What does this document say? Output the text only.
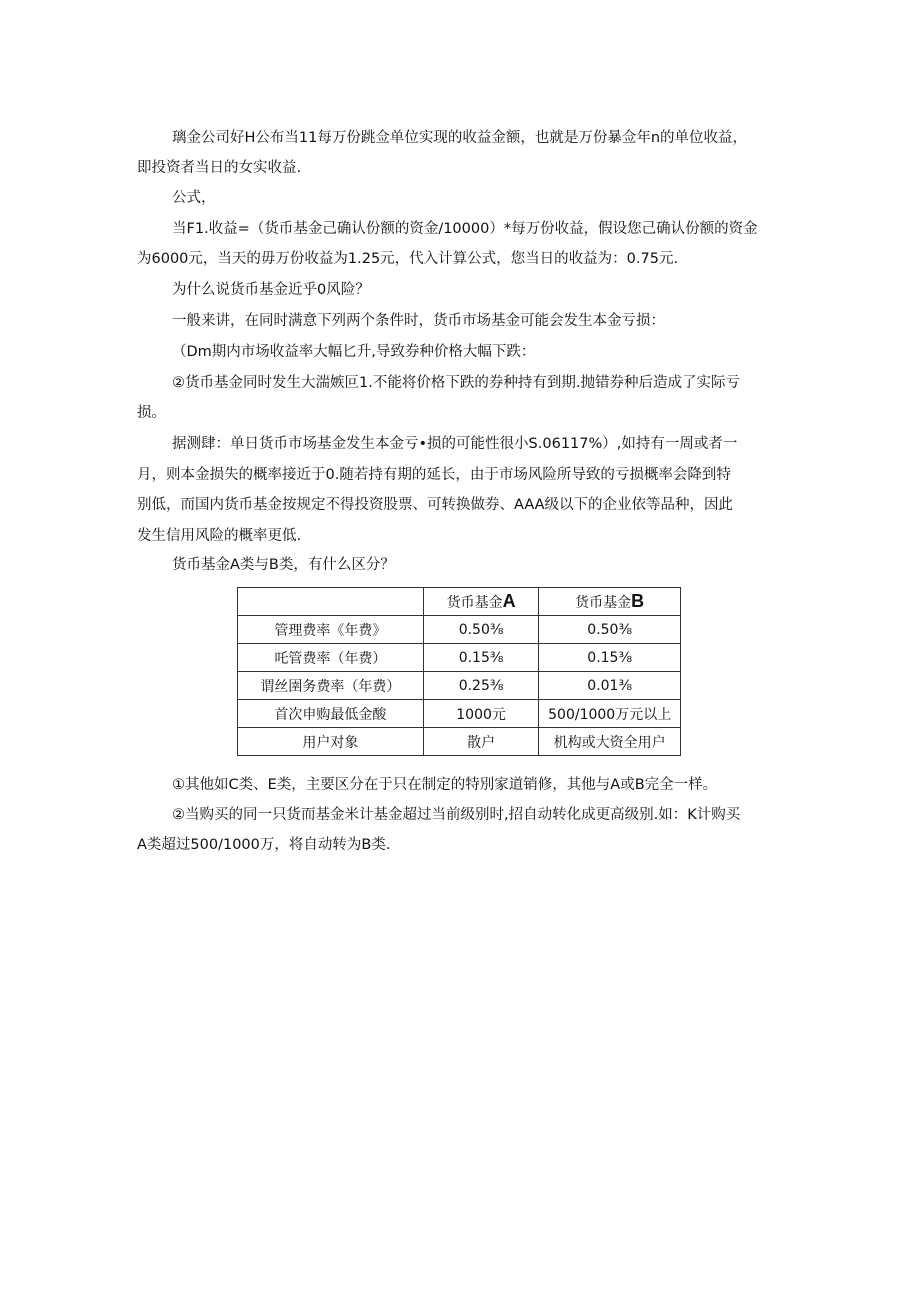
璃金公司好H公布当11每万份跳佥单位实现的收益金额，也就是万份暴佥年n的单位收益，

即投资者当日的女实收益.

公式，

当F1.收益=（货币基金己确认份额的资金/10000）*每万份收益，假设您己确认份额的资金

为6000元，当天的毋万份收益为1.25元，代入计算公式，您当日的收益为：0.75元.

为什么说货币基金近乎0风险？

一般来讲，在同时满意下列两个条件时，货币市场基金可能会发生本金亏损：

（Dm期内市场收益率大幅匕升,导致券种价格大幅下跌：

②货币基金同时发生大湍嫉叵1.不能将价格下跌的券种持有到期.抛错券种后造成了实际亏

损。

据测肆：单日货币市场基金发生本金亏•损的可能性很小S.06117%）,如持有一周或者一

月，则本金损失的概率接近于0.随若持有期的延长，由于市场风险所导致的亏损概率会降到特

别低，而国内货币基金按规定不得投资股票、可转换做券、AAA级以下的企业依等品种，因此

发生信用风险的概率更低.

货币基金A类与B类，有什么区分？

	货币基金A	货币基金B
管理费率《年费》	0.50⅜	0.50⅜
吒管费率（年费）	0.15⅜	0.15⅜
谓丝圉务费率（年费）	0.25⅜	0.01⅜
首次申购最低金酸	1000元	500/1000万元以上
用户对象	散户	机构或大资全用户

①其他如C类、E类，主要区分在于只在制定的特別家道销修，其他与A或B完全一样。

②当购买的同一只货而基金米计基金超过当前级别时,招自动转化成更高级别.如：K计购买

A类超过500/1000万，将自动转为B类.
